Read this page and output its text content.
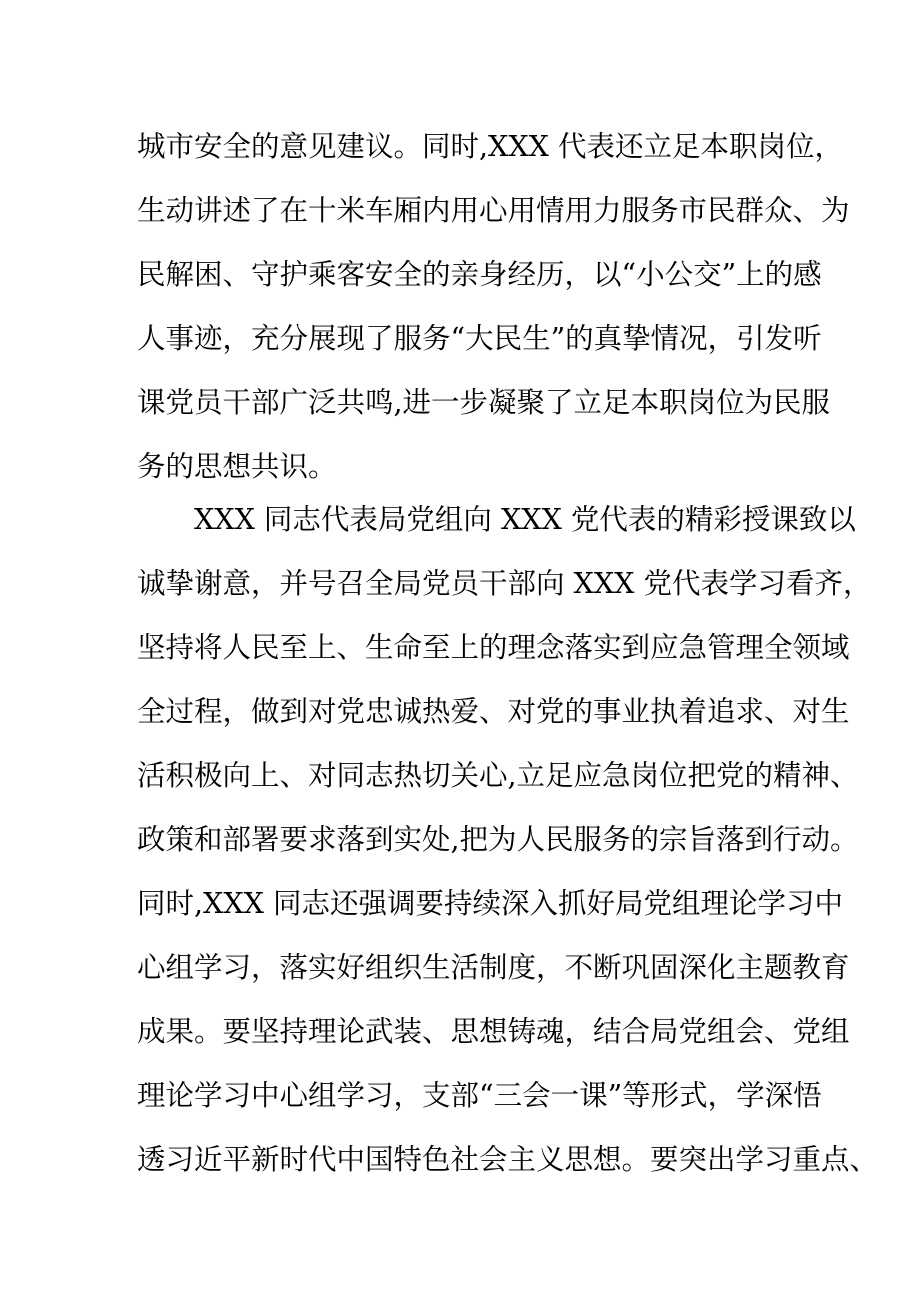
城市安全的意见建议。同时,XXX 代表还立足本职岗位，
生动讲述了在十米车厢内用心用情用力服务市民群众、为
民解困、守护乘客安全的亲身经历，以“小公交”上的感
人事迹，充分展现了服务“大民生”的真挚情况，引发听
课党员干部广泛共鸣,进一步凝聚了立足本职岗位为民服
务的思想共识。
XXX 同志代表局党组向 XXX 党代表的精彩授课致以
诚挚谢意，并号召全局党员干部向 XXX 党代表学习看齐，
坚持将人民至上、生命至上的理念落实到应急管理全领域
全过程，做到对党忠诚热爱、对党的事业执着追求、对生
活积极向上、对同志热切关心,立足应急岗位把党的精神、
政策和部署要求落到实处,把为人民服务的宗旨落到行动。
同时,XXX 同志还强调要持续深入抓好局党组理论学习中
心组学习，落实好组织生活制度，不断巩固深化主题教育
成果。要坚持理论武装、思想铸魂，结合局党组会、党组
理论学习中心组学习，支部“三会一课”等形式，学深悟
透习近平新时代中国特色社会主义思想。要突出学习重点、
